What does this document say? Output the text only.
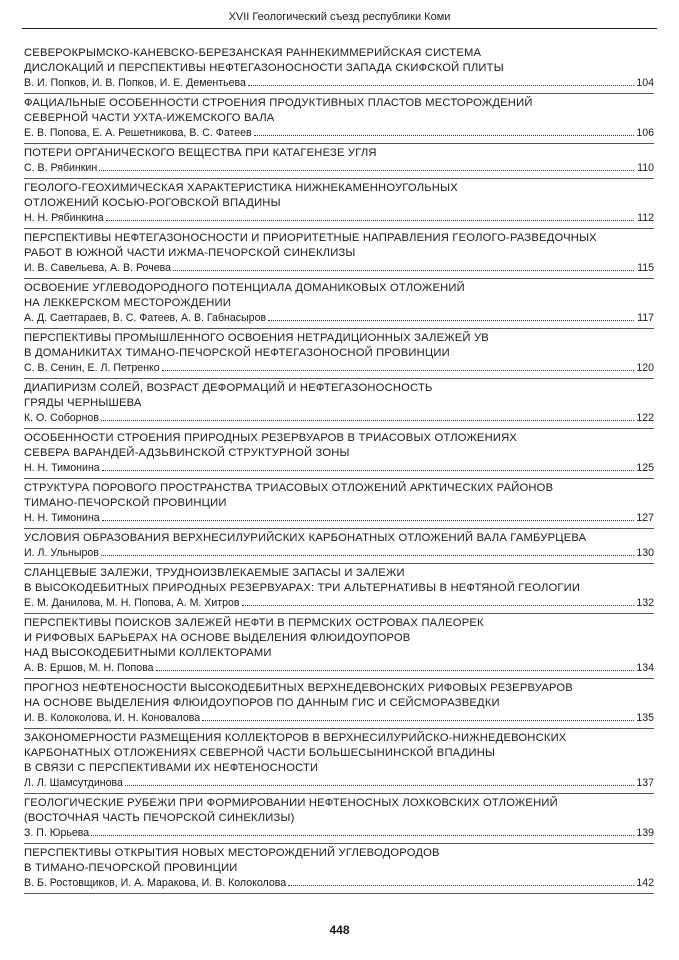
XVII Геологический съезд республики Коми
СЕВЕРОКРЫМСКО-КАНЕВСКО-БЕРЕЗАНСКАЯ РАННЕКИММЕРИЙСКАЯ СИСТЕМА
ДИСЛОКАЦИЙ И ПЕРСПЕКТИВЫ НЕФТЕГАЗОНОСНОСТИ ЗАПАДА СКИФСКОЙ ПЛИТЫ
В. И. Попков, И. В. Попков, И. Е. Дементьева	104
ФАЦИАЛЬНЫЕ ОСОБЕННОСТИ СТРОЕНИЯ ПРОДУКТИВНЫХ ПЛАСТОВ МЕСТОРОЖДЕНИЙ
СЕВЕРНОЙ ЧАСТИ УХТА-ИЖЕМСКОГО ВАЛА
Е. В. Попова, Е. А. Решетникова, В. С. Фатеев	106
ПОТЕРИ ОРГАНИЧЕСКОГО ВЕЩЕСТВА ПРИ КАТАГЕНЕЗЕ УГЛЯ
С. В. Рябинкин	110
ГЕОЛОГО-ГЕОХИМИЧЕСКАЯ ХАРАКТЕРИСТИКА НИЖНЕКАМЕННОУГОЛЬНЫХ
ОТЛОЖЕНИЙ КОСЬЮ-РОГОВСКОЙ ВПАДИНЫ
Н. Н. Рябинкина	112
ПЕРСПЕКТИВЫ НЕФТЕГАЗОНОСНОСТИ И ПРИОРИТЕТНЫЕ НАПРАВЛЕНИЯ ГЕОЛОГО-РАЗВЕДОЧНЫХ
РАБОТ В ЮЖНОЙ ЧАСТИ ИЖМА-ПЕЧОРСКОЙ СИНЕКЛИЗЫ
И. В. Савельева, А. В. Рочева	115
ОСВОЕНИЕ УГЛЕВОДОРОДНОГО ПОТЕНЦИАЛА ДОМАНИКОВЫХ ОТЛОЖЕНИЙ
НА ЛЕККЕРСКОМ МЕСТОРОЖДЕНИИ
А. Д. Саетгараев, В. С. Фатеев, А. В. Габнасыров	117
ПЕРСПЕКТИВЫ ПРОМЫШЛЕННОГО ОСВОЕНИЯ НЕТРАДИЦИОННЫХ ЗАЛЕЖЕЙ УВ
В ДОМАНИКИТАХ ТИМАНО-ПЕЧОРСКОЙ НЕФТЕГАЗОНОСНОЙ ПРОВИНЦИИ
С. В. Сенин, Е. Л. Петренко	120
ДИАПИРИЗМ СОЛЕЙ, ВОЗРАСТ ДЕФОРМАЦИЙ И НЕФТЕГАЗОНОСНОСТЬ
ГРЯДЫ ЧЕРНЫШЕВА
К. О. Соборнов	122
ОСОБЕННОСТИ СТРОЕНИЯ ПРИРОДНЫХ РЕЗЕРВУАРОВ В ТРИАСОВЫХ ОТЛОЖЕНИЯХ
СЕВЕРА ВАРАНДЕЙ-АДЗЬВИНСКОЙ СТРУКТУРНОЙ ЗОНЫ
Н. Н. Тимонина	125
СТРУКТУРА ПОРОВОГО ПРОСТРАНСТВА ТРИАСОВЫХ ОТЛОЖЕНИЙ АРКТИЧЕСКИХ РАЙОНОВ
ТИМАНО-ПЕЧОРСКОЙ ПРОВИНЦИИ
Н. Н. Тимонина	127
УСЛОВИЯ ОБРАЗОВАНИЯ ВЕРХНЕСИЛУРИЙСКИХ КАРБОНАТНЫХ ОТЛОЖЕНИЙ ВАЛА ГАМБУРЦЕВА
И. Л. Ульныров	130
СЛАНЦЕВЫЕ ЗАЛЕЖИ, ТРУДНОИЗВЛЕКАЕМЫЕ ЗАПАСЫ И ЗАЛЕЖИ
В ВЫСОКОДЕБИТНЫХ ПРИРОДНЫХ РЕЗЕРВУАРАХ: ТРИ АЛЬТЕРНАТИВЫ В НЕФТЯНОЙ ГЕОЛОГИИ
Е. М. Данилова, М. Н. Попова, А. М. Хитров	132
ПЕРСПЕКТИВЫ ПОИСКОВ ЗАЛЕЖЕЙ НЕФТИ В ПЕРМСКИХ ОСТРОВАХ ПАЛЕОРЕК
И РИФОВЫХ БАРЬЕРАХ НА ОСНОВЕ ВЫДЕЛЕНИЯ ФЛЮИДОУПОРОВ
НАД ВЫСОКОДЕБИТНЫМИ КОЛЛЕКТОРАМИ
А. В. Ершов, М. Н. Попова	134
ПРОГНОЗ НЕФТЕНОСНОСТИ ВЫСОКОДЕБИТНЫХ ВЕРХНЕДЕВОНСКИХ РИФОВЫХ РЕЗЕРВУАРОВ
НА ОСНОВЕ ВЫДЕЛЕНИЯ ФЛЮИДОУПОРОВ ПО ДАННЫМ ГИС И СЕЙСМОРАЗВЕДКИ
И. В. Колоколова, И. Н. Коновалова	135
ЗАКОНОМЕРНОСТИ РАЗМЕЩЕНИЯ КОЛЛЕКТОРОВ В ВЕРХНЕСИЛУРИЙСКО-НИЖНЕДЕВОНСКИХ
КАРБОНАТНЫХ ОТЛОЖЕНИЯХ СЕВЕРНОЙ ЧАСТИ БОЛЬШЕСЫНИНСКОЙ ВПАДИНЫ
В СВЯЗИ С ПЕРСПЕКТИВАМИ ИХ НЕФТЕНОСНОСТИ
Л. Л. Шамсутдинова	137
ГЕОЛОГИЧЕСКИЕ РУБЕЖИ ПРИ ФОРМИРОВАНИИ НЕФТЕНОСНЫХ ЛОХКОВСКИХ ОТЛОЖЕНИЙ
(ВОСТОЧНАЯ ЧАСТЬ ПЕЧОРСКОЙ СИНЕКЛИЗЫ)
З. П. Юрьева	139
ПЕРСПЕКТИВЫ ОТКРЫТИЯ НОВЫХ МЕСТОРОЖДЕНИЙ УГЛЕВОДОРОДОВ
В ТИМАНО-ПЕЧОРСКОЙ ПРОВИНЦИИ
В. Б. Ростовщиков, И. А. Маракова, И. В. Колоколова	142
448
